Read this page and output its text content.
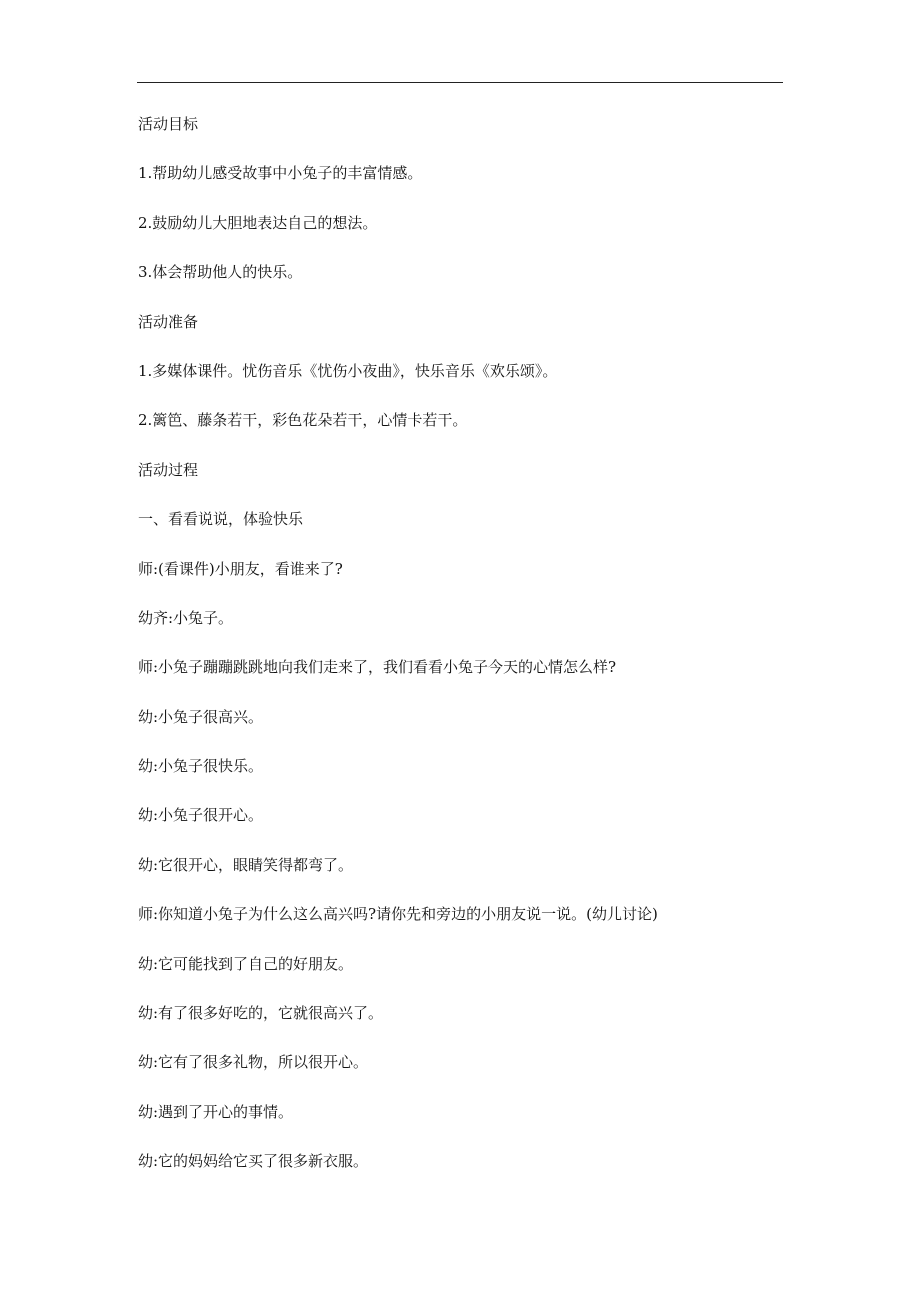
活动目标
1.帮助幼儿感受故事中小兔子的丰富情感。
2.鼓励幼儿大胆地表达自己的想法。
3.体会帮助他人的快乐。
活动准备
1.多媒体课件。忧伤音乐《忧伤小夜曲》，快乐音乐《欢乐颂》。
2.篱笆、藤条若干，彩色花朵若干，心情卡若干。
活动过程
一、看看说说，体验快乐
师:(看课件)小朋友，看谁来了?
幼齐:小兔子。
师:小兔子蹦蹦跳跳地向我们走来了，我们看看小兔子今天的心情怎么样?
幼:小兔子很高兴。
幼:小兔子很快乐。
幼:小兔子很开心。
幼:它很开心，眼睛笑得都弯了。
师:你知道小兔子为什么这么高兴吗?请你先和旁边的小朋友说一说。(幼儿讨论)
幼:它可能找到了自己的好朋友。
幼:有了很多好吃的，它就很高兴了。
幼:它有了很多礼物，所以很开心。
幼:遇到了开心的事情。
幼:它的妈妈给它买了很多新衣服。
